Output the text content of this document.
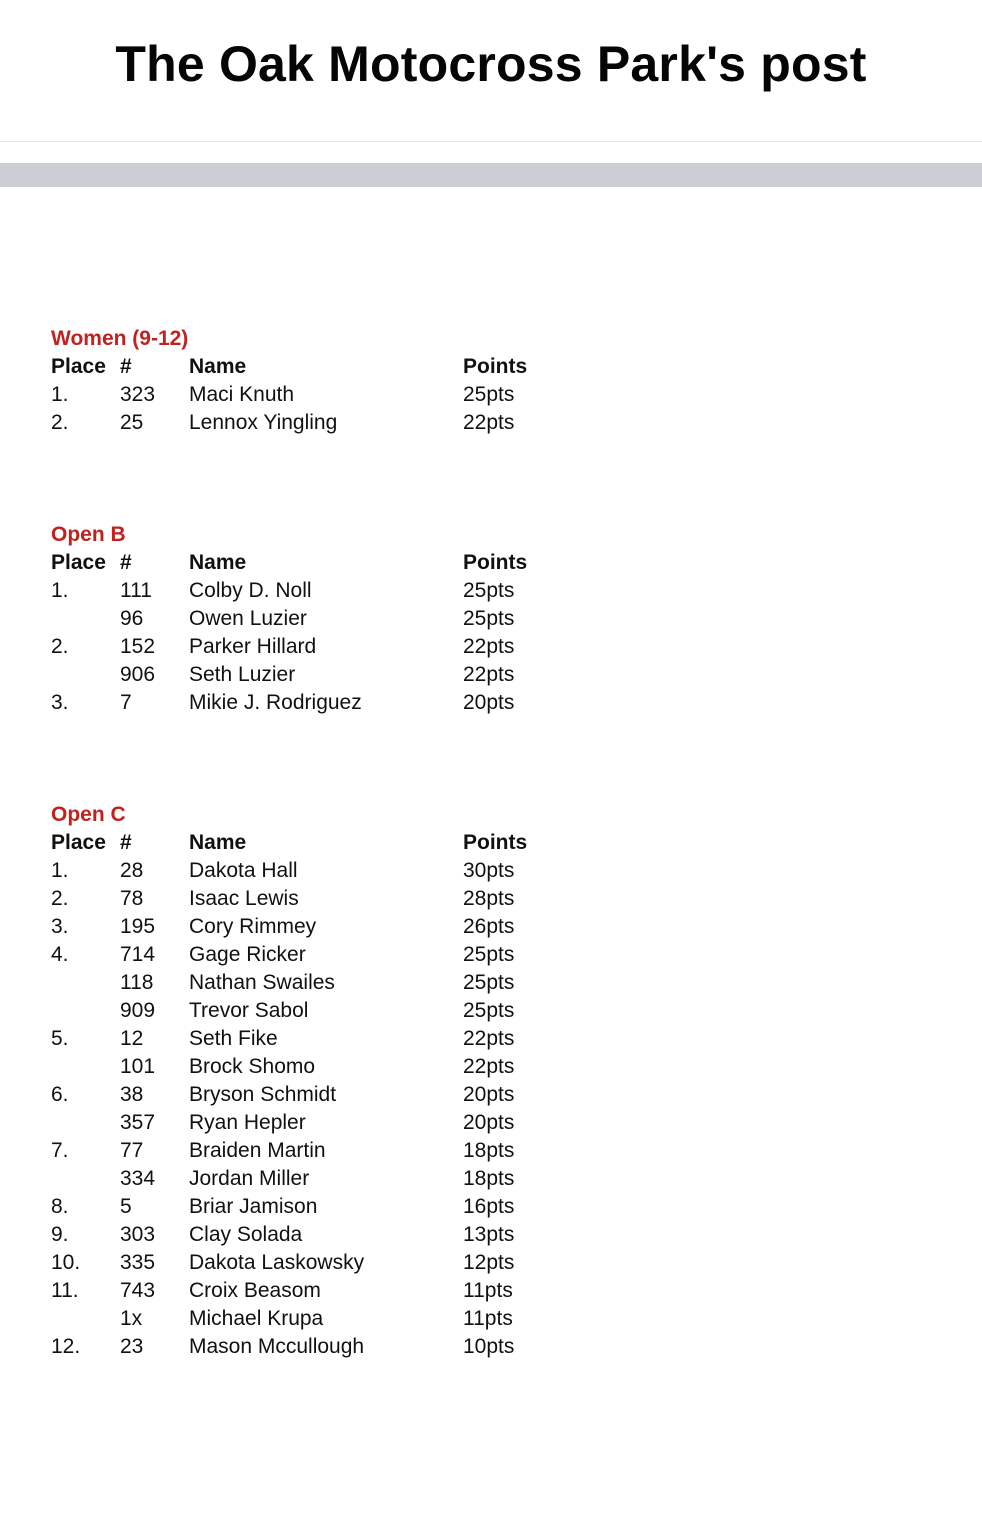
The Oak Motocross Park's post
Women (9-12)
Place #	Name	Points
1. 323 Maci Knuth	25pts
2. 25 Lennox Yingling	22pts
Open B
Place #	Name	Points
1. 111 Colby D. Noll	25pts
96 Owen Luzier	25pts
2. 152 Parker Hillard	22pts
906 Seth Luzier	22pts
3. 7	Mikie J. Rodriguez	20pts
Open C
Place #	Name	Points
1. 28 Dakota Hall	30pts
2. 78 Isaac Lewis	28pts
3. 195 Cory Rimmey	26pts
4. 714 Gage Ricker	25pts
118 Nathan Swailes	25pts
909 Trevor Sabol	25pts
5. 12 Seth Fike	22pts
101 Brock Shomo	22pts
6. 38 Bryson Schmidt	20pts
357 Ryan Hepler	20pts
7. 77 Braiden Martin	18pts
334 Jordan Miller	18pts
8. 5	Briar Jamison	16pts
9. 303 Clay Solada	13pts
10. 335 Dakota Laskowsky	12pts
11. 743 Croix Beasom	11pts
1x Michael Krupa	11pts
12. 23 Mason Mccullough	10pts
